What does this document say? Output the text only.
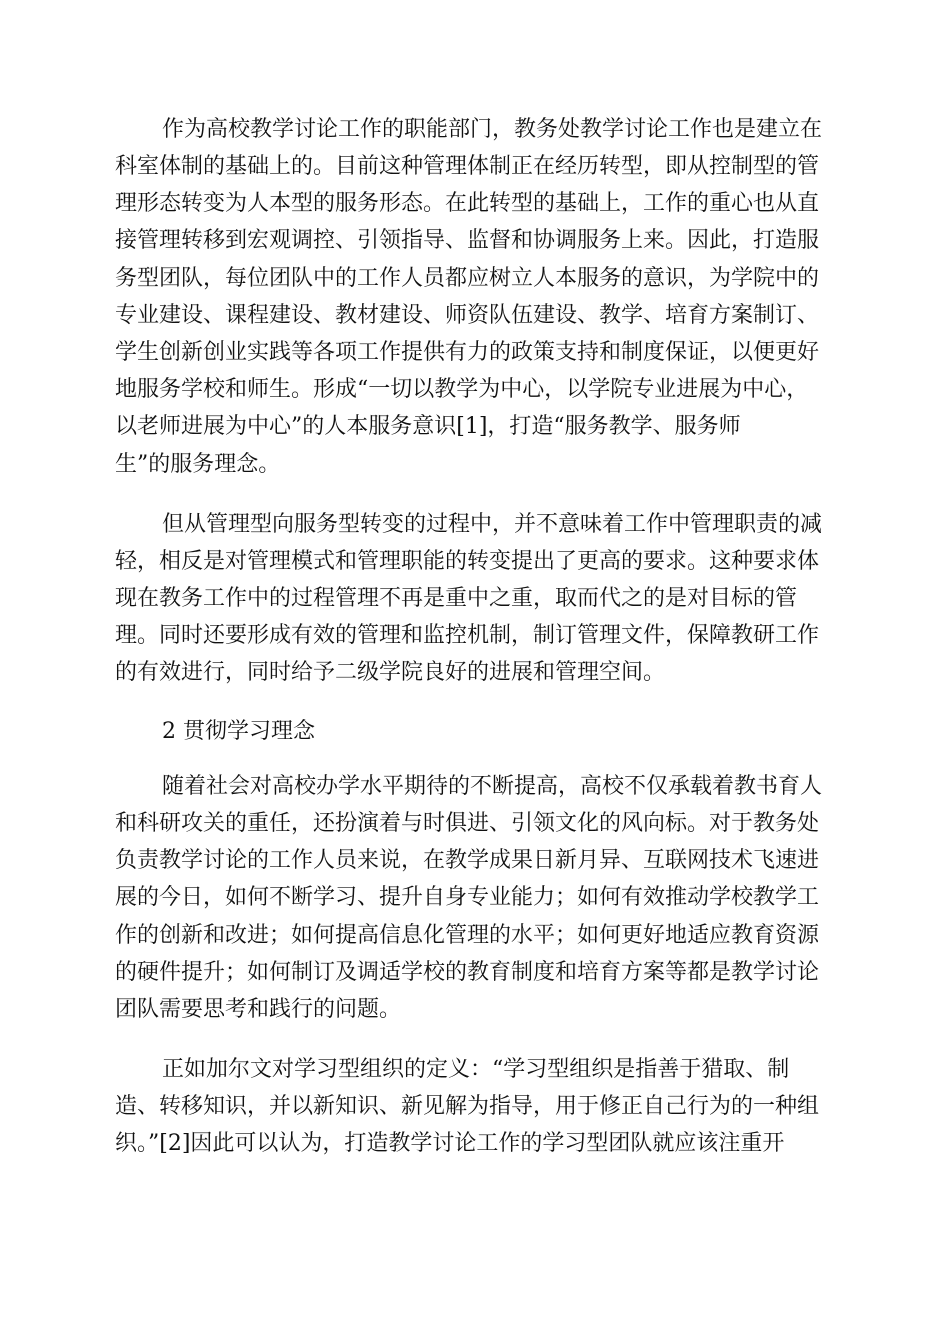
作为高校教学讨论工作的职能部门，教务处教学讨论工作也是建立在
科室体制的基础上的。目前这种管理体制正在经历转型，即从控制型的管
理形态转变为人本型的服务形态。在此转型的基础上，工作的重心也从直
接管理转移到宏观调控、引领指导、监督和协调服务上来。因此，打造服
务型团队，每位团队中的工作人员都应树立人本服务的意识，为学院中的
专业建设、课程建设、教材建设、师资队伍建设、教学、培育方案制订、
学生创新创业实践等各项工作提供有力的政策支持和制度保证，以便更好
地服务学校和师生。形成“一切以教学为中心，以学院专业进展为中心，
以老师进展为中心”的人本服务意识[1]，打造“服务教学、服务师
生”的服务理念。
但从管理型向服务型转变的过程中，并不意味着工作中管理职责的减
轻，相反是对管理模式和管理职能的转变提出了更高的要求。这种要求体
现在教务工作中的过程管理不再是重中之重，取而代之的是对目标的管
理。同时还要形成有效的管理和监控机制，制订管理文件，保障教研工作
的有效进行，同时给予二级学院良好的进展和管理空间。
2 贯彻学习理念
随着社会对高校办学水平期待的不断提高，高校不仅承载着教书育人
和科研攻关的重任，还扮演着与时俱进、引领文化的风向标。对于教务处
负责教学讨论的工作人员来说，在教学成果日新月异、互联网技术飞速进
展的今日，如何不断学习、提升自身专业能力；如何有效推动学校教学工
作的创新和改进；如何提高信息化管理的水平；如何更好地适应教育资源
的硬件提升；如何制订及调适学校的教育制度和培育方案等都是教学讨论
团队需要思考和践行的问题。
正如加尔文对学习型组织的定义：“学习型组织是指善于猎取、制
造、转移知识，并以新知识、新见解为指导，用于修正自己行为的一种组
织。”[2]因此可以认为，打造教学讨论工作的学习型团队就应该注重开
